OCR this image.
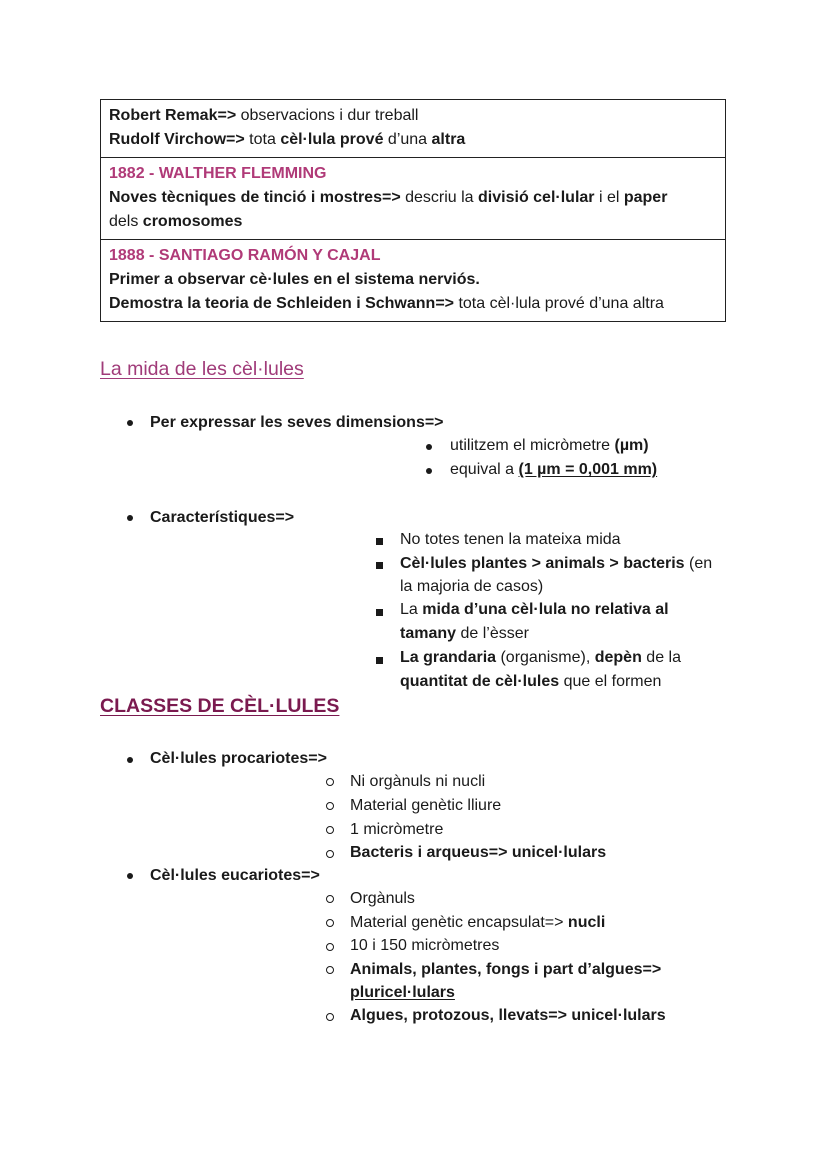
Robert Remak=> observacions i dur treball
Rudolf Virchow=> tota cèl·lula prové d’una altra

1882 - WALTHER FLEMMING
Noves tècniques de tinció i mostres=> descriu la divisió cel·lular i el paper
dels cromosomes

1888 - SANTIAGO RAMÓN Y CAJAL
Primer a observar cè·lules en el sistema nerviós.
Demostra la teoria de Schleiden i Schwann=> tota cèl·lula prové d’una altra
La mida de les cèl·lules
Per expressar les seves dimensions=>
utilitzem el micròmetre (µm)
equival a (1 µm = 0,001 mm)
Característiques=>
No totes tenen la mateixa mida
Cèl·lules plantes > animals > bacteris (en
la majoria de casos)
La mida d’una cèl·lula no relativa al
tamany de l’èsser
La grandaria (organisme), depèn de la
quantitat de cèl·lules que el formen
CLASSES DE CÈL·LULES
Cèl·lules procariotes=>
Ni orgànuls ni nucli
Material genètic lliure
1 micròmetre
Bacteris i arqueus=> unicel·lulars
Cèl·lules eucariotes=>
Orgànuls
Material genètic encapsulat=> nucli
10 i 150 micròmetres
Animals, plantes, fongs i part d’algues=>
pluricel·lulars
Algues, protozous, llevats=> unicel·lulars
